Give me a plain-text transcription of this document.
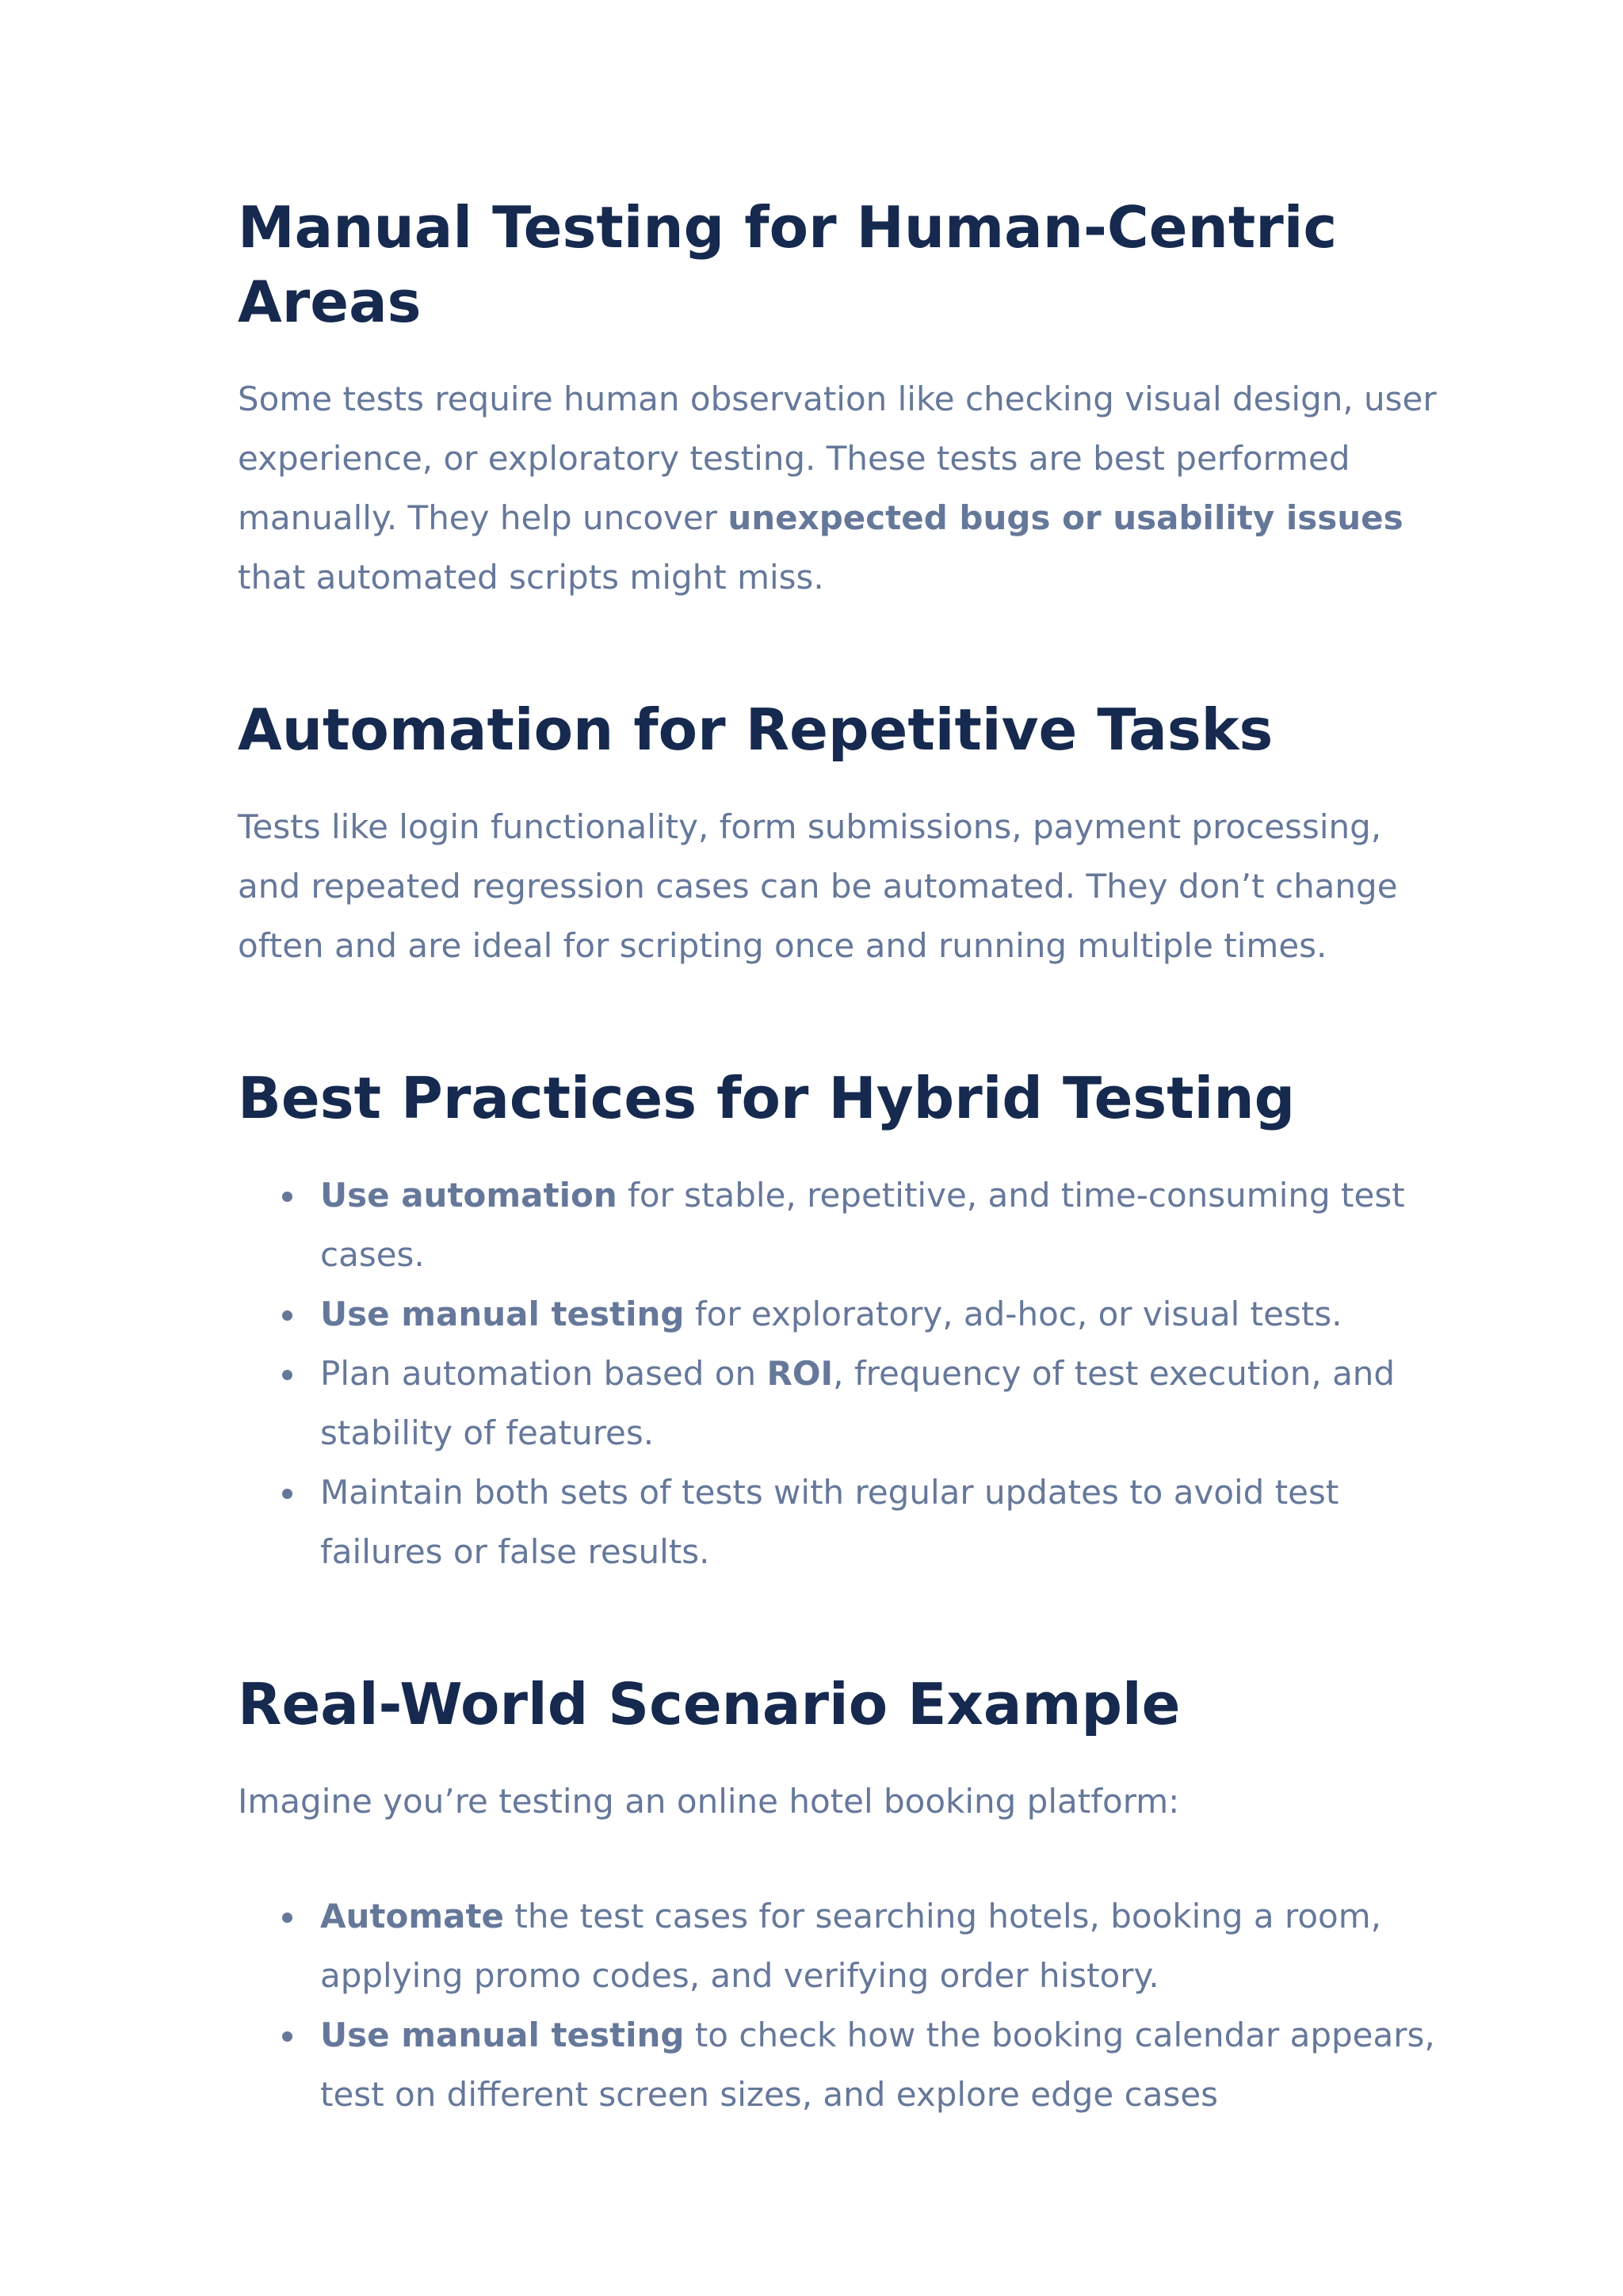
Manual Testing for Human-Centric Areas

Some tests require human observation like checking visual design, user experience, or exploratory testing. These tests are best performed manually. They help uncover unexpected bugs or usability issues that automated scripts might miss.

Automation for Repetitive Tasks

Tests like login functionality, form submissions, payment processing, and repeated regression cases can be automated. They don’t change often and are ideal for scripting once and running multiple times.

Best Practices for Hybrid Testing
Use automation for stable, repetitive, and time-consuming test cases.
Use manual testing for exploratory, ad-hoc, or visual tests.
Plan automation based on ROI, frequency of test execution, and stability of features.
Maintain both sets of tests with regular updates to avoid test failures or false results.
Real-World Scenario Example

Imagine you’re testing an online hotel booking platform:

Automate the test cases for searching hotels, booking a room, applying promo codes, and verifying order history.
Use manual testing to check how the booking calendar appears, test on different screen sizes, and explore edge cases
